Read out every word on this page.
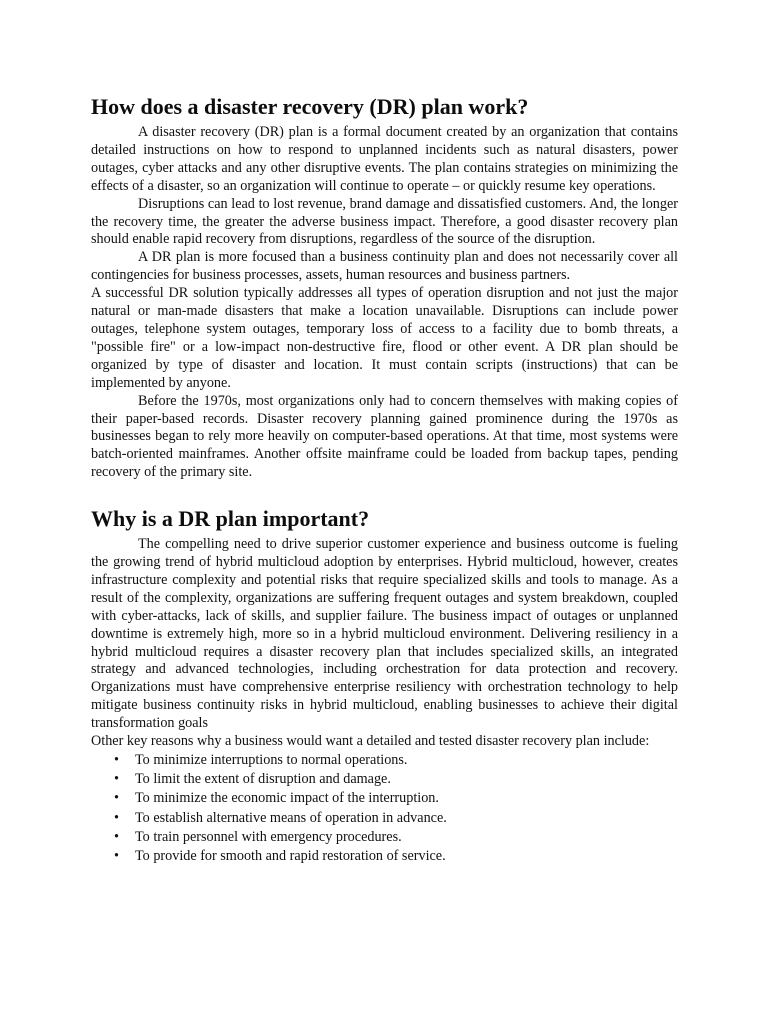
How does a disaster recovery (DR) plan work?

A disaster recovery (DR) plan is a formal document created by an organization that contains detailed instructions on how to respond to unplanned incidents such as natural disasters, power outages, cyber attacks and any other disruptive events. The plan contains strategies on minimizing the effects of a disaster, so an organization will continue to operate – or quickly resume key operations.

Disruptions can lead to lost revenue, brand damage and dissatisfied customers. And, the longer the recovery time, the greater the adverse business impact. Therefore, a good disaster recovery plan should enable rapid recovery from disruptions, regardless of the source of the disruption.

A DR plan is more focused than a business continuity plan and does not necessarily cover all contingencies for business processes, assets, human resources and business partners.

A successful DR solution typically addresses all types of operation disruption and not just the major natural or man-made disasters that make a location unavailable. Disruptions can include power outages, telephone system outages, temporary loss of access to a facility due to bomb threats, a "possible fire" or a low-impact non-destructive fire, flood or other event. A DR plan should be organized by type of disaster and location. It must contain scripts (instructions) that can be implemented by anyone.

Before the 1970s, most organizations only had to concern themselves with making copies of their paper-based records. Disaster recovery planning gained prominence during the 1970s as businesses began to rely more heavily on computer-based operations. At that time, most systems were batch-oriented mainframes. Another offsite mainframe could be loaded from backup tapes, pending recovery of the primary site.

Why is a DR plan important?

The compelling need to drive superior customer experience and business outcome is fueling the growing trend of hybrid multicloud adoption by enterprises. Hybrid multicloud, however, creates infrastructure complexity and potential risks that require specialized skills and tools to manage. As a result of the complexity, organizations are suffering frequent outages and system breakdown, coupled with cyber-attacks, lack of skills, and supplier failure. The business impact of outages or unplanned downtime is extremely high, more so in a hybrid multicloud environment. Delivering resiliency in a hybrid multicloud requires a disaster recovery plan that includes specialized skills, an integrated strategy and advanced technologies, including orchestration for data protection and recovery. Organizations must have comprehensive enterprise resiliency with orchestration technology to help mitigate business continuity risks in hybrid multicloud, enabling businesses to achieve their digital transformation goals

Other key reasons why a business would want a detailed and tested disaster recovery plan include:

• To minimize interruptions to normal operations.
• To limit the extent of disruption and damage.
• To minimize the economic impact of the interruption.
• To establish alternative means of operation in advance.
• To train personnel with emergency procedures.
• To provide for smooth and rapid restoration of service.
